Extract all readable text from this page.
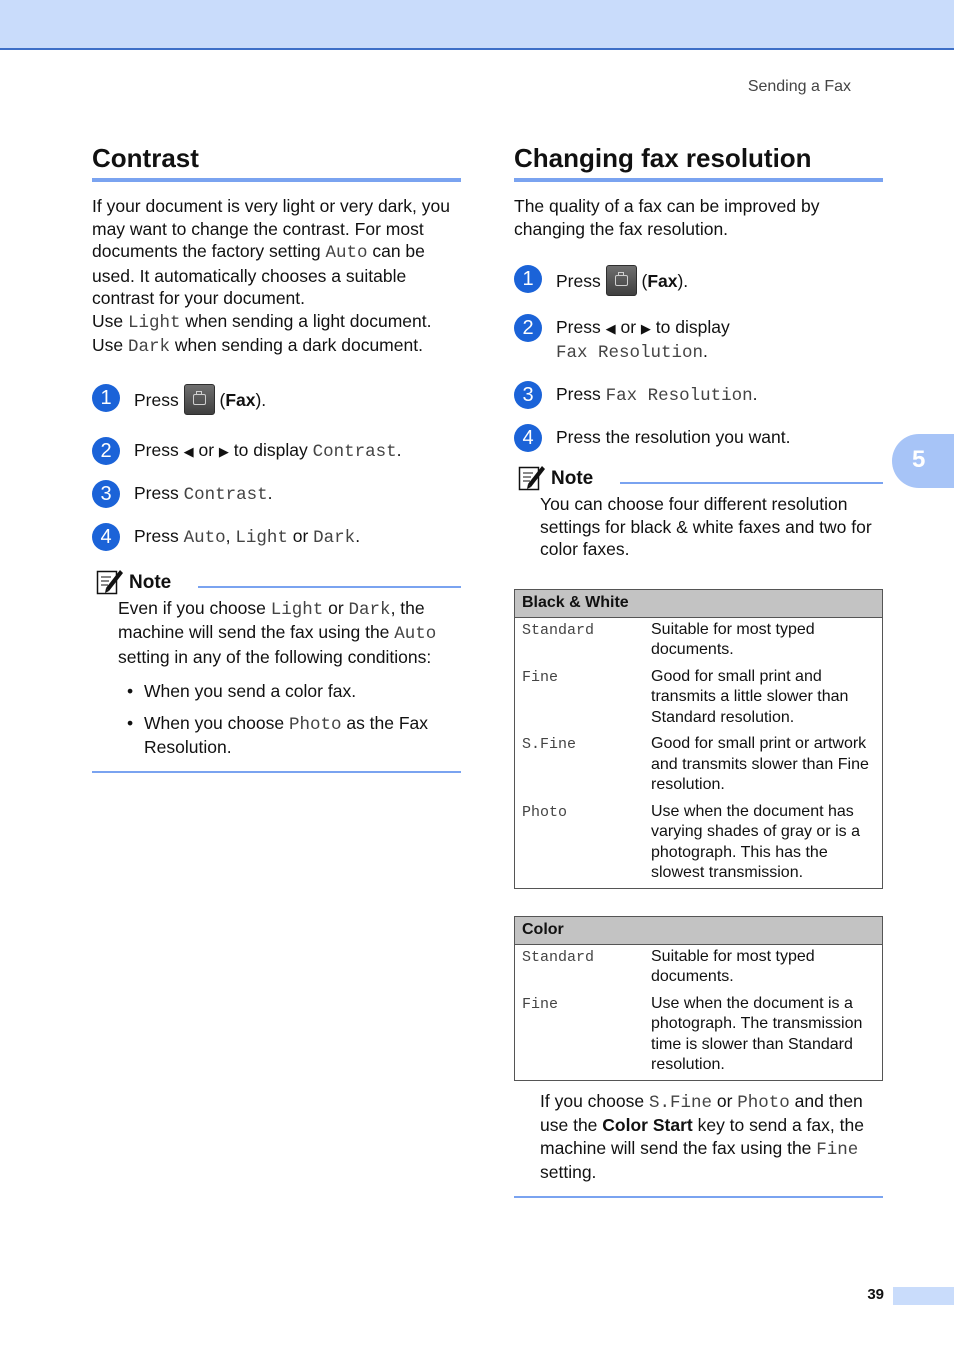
Sending a Fax
Contrast

If your document is very light or very dark, you may want to change the contrast. For most documents the factory setting Auto can be used. It automatically chooses a suitable contrast for your document.
Use Light when sending a light document.
Use Dark when sending a dark document.

1	Press
(Fax).
2	Press ◀ or ▶ to display Contrast.
3	Press Contrast.
4	Press Auto, Light or Dark.
Note
Even if you choose Light or Dark, the machine will send the fax using the Auto setting in any of the following conditions:
• When you send a color fax.
• When you choose Photo as the Fax Resolution.
Changing fax resolution

The quality of a fax can be improved by changing the fax resolution.

1	Press
(Fax).
2	Press ◀ or ▶ to display
Fax Resolution.
3	Press Fax Resolution.
4	Press the resolution you want.
Note
You can choose four different resolution settings for black & white faxes and two for color faxes.
Black & White
Standard	Suitable for most typed documents.
Fine	Good for small print and transmits a little slower than Standard resolution.
S.Fine	Good for small print or artwork and transmits slower than Fine resolution.
Photo	Use when the document has varying shades of gray or is a photograph. This has the slowest transmission.
Color
Standard	Suitable for most typed documents.
Fine	Use when the document is a photograph. The transmission time is slower than Standard resolution.
If you choose S.Fine or Photo and then use the Color Start key to send a fax, the machine will send the fax using the Fine setting.
5
39
